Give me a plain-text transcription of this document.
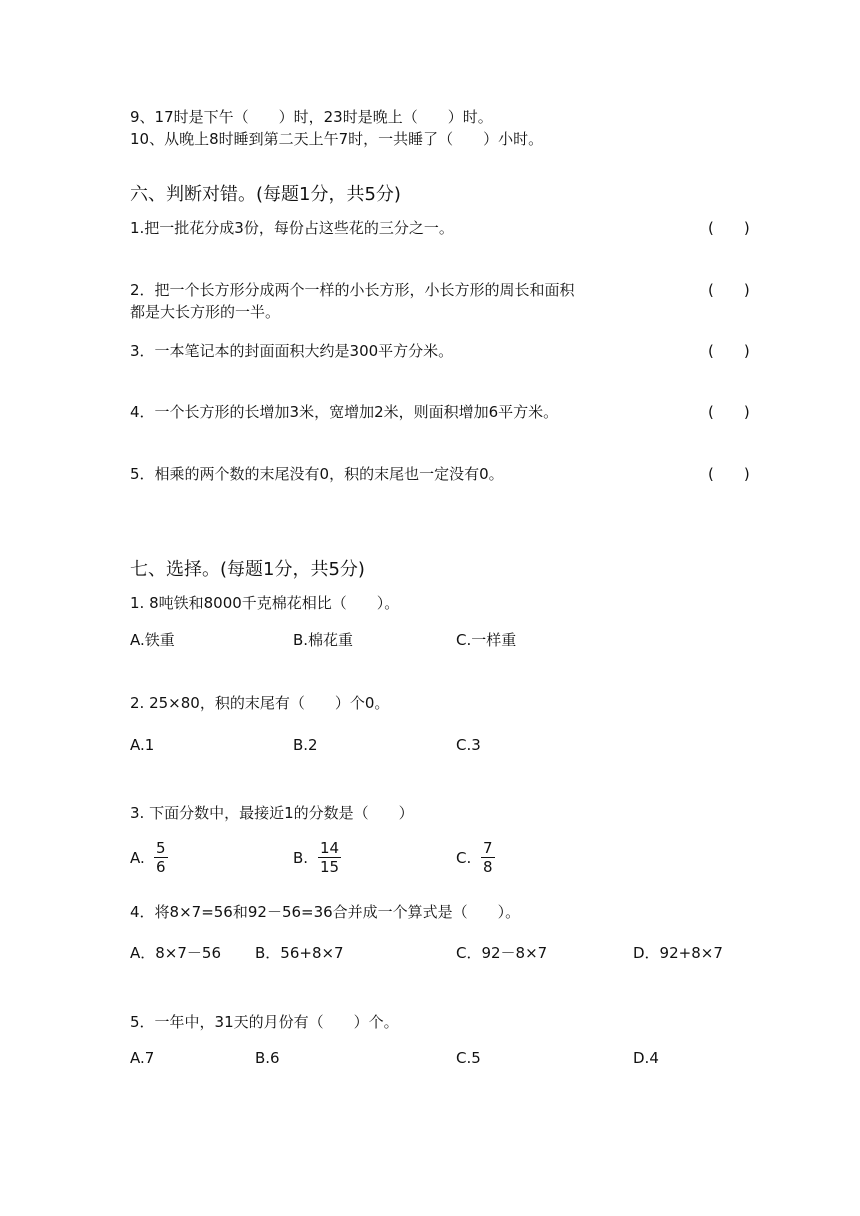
9、17时是下午（　　）时，23时是晚上（　　）时。
10、从晚上8时睡到第二天上午7时，一共睡了（　　）小时。
六、判断对错。(每题1分，共5分)
1.把一批花分成3份，每份占这些花的三分之一。	(　　)
2．把一个长方形分成两个一样的小长方形，小长方形的周长和面积	(　　)
都是大长方形的一半。
3．一本笔记本的封面面积大约是300平方分米。	(　　)
4．一个长方形的长增加3米，宽增加2米，则面积增加6平方米。	(　　)
5．相乘的两个数的末尾没有0，积的末尾也一定没有0。	(　　)
七、选择。(每题1分，共5分)
1. 8吨铁和8000千克棉花相比（　　）。
A.铁重	B.棉花重	C.一样重
2. 25×80，积的末尾有（　　）个0。
A.1	B.2	C.3
3. 下面分数中，最接近1的分数是（　　）
A.
5
6	B.
14
15	C.
7
8
4．将8×7=56和92－56=36合并成一个算式是（　　）。
A．8×7－56 B．56+8×7	C．92－8×7	D．92+8×7
5．一年中，31天的月份有（　　）个。
A.7	B.6	C.5	D.4
